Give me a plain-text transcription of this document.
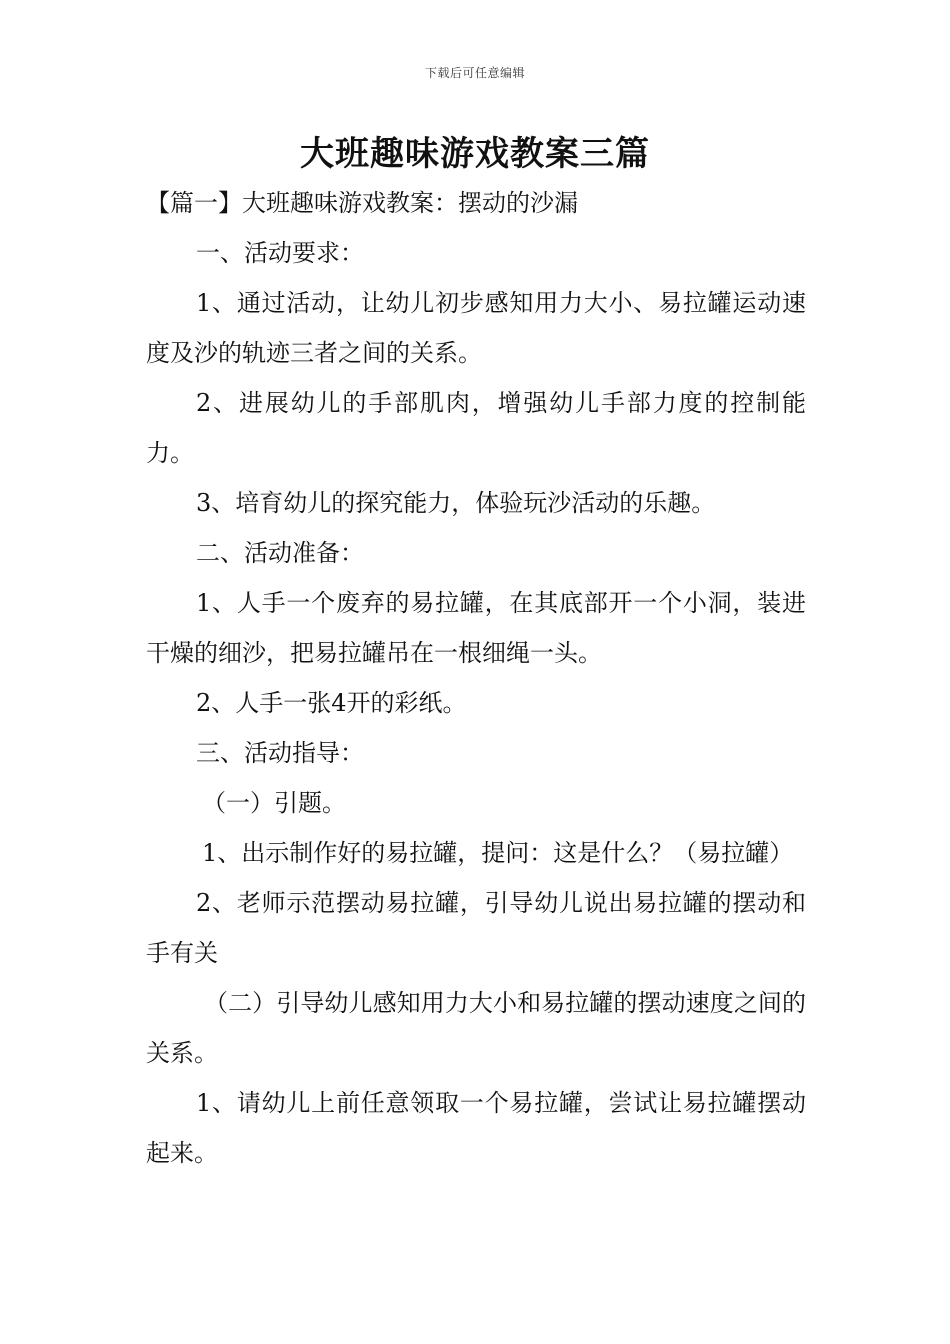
下载后可任意编辑
大班趣味游戏教案三篇

【篇一】大班趣味游戏教案：摆动的沙漏

一、活动要求：

1、通过活动，让幼儿初步感知用力大小、易拉罐运动速度及沙的轨迹三者之间的关系。

2、进展幼儿的手部肌肉，增强幼儿手部力度的控制能力。

3、培育幼儿的探究能力，体验玩沙活动的乐趣。

二、活动准备：

1、人手一个废弃的易拉罐，在其底部开一个小洞，装进干燥的细沙，把易拉罐吊在一根细绳一头。

2、人手一张4开的彩纸。

三、活动指导：

（一）引题。

1、出示制作好的易拉罐，提问：这是什么？（易拉罐）

2、老师示范摆动易拉罐，引导幼儿说出易拉罐的摆动和手有关

（二）引导幼儿感知用力大小和易拉罐的摆动速度之间的关系。

1、请幼儿上前任意领取一个易拉罐，尝试让易拉罐摆动起来。
